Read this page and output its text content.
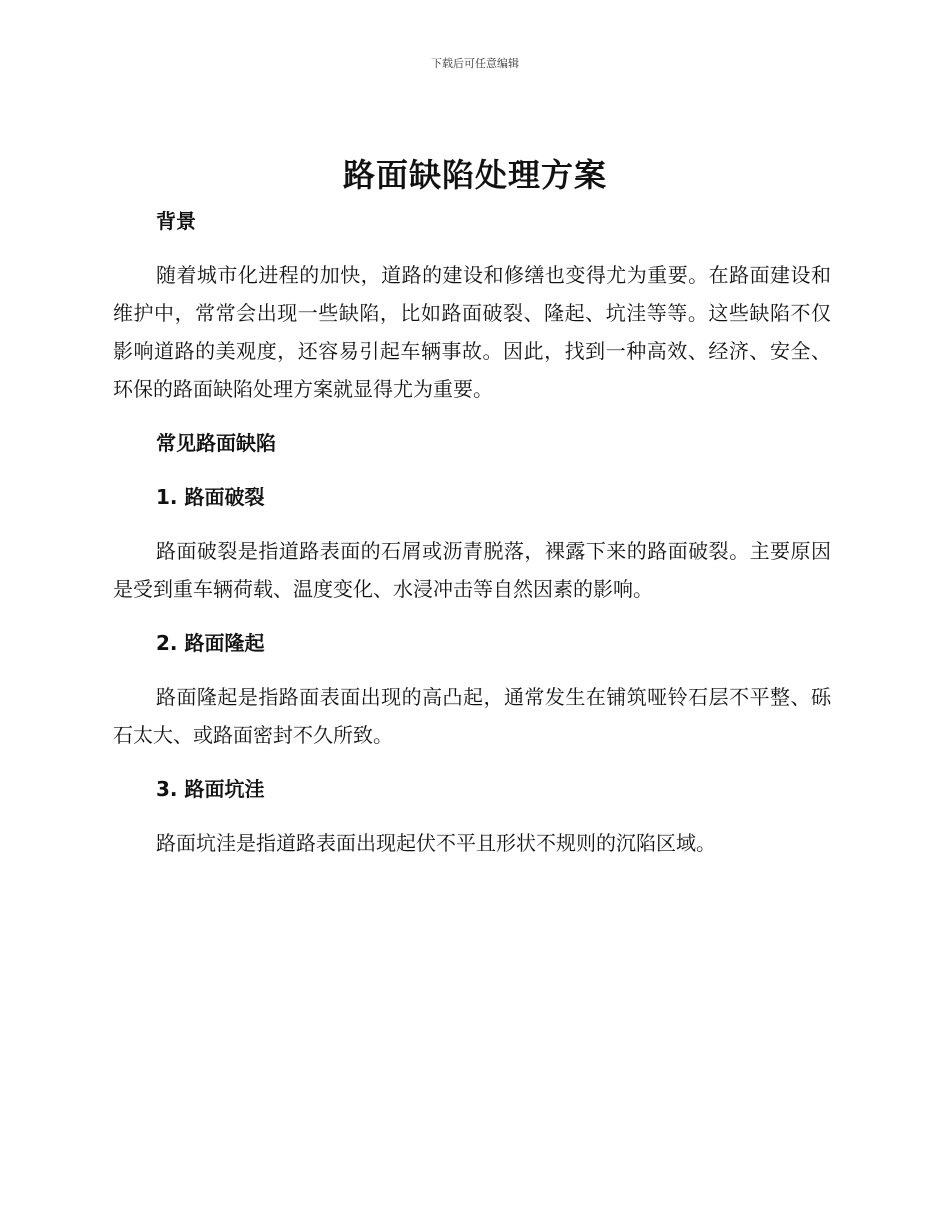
下载后可任意编辑
路面缺陷处理方案
背景

随着城市化进程的加快，道路的建设和修缮也变得尤为重要。在路面建设和维护中，常常会出现一些缺陷，比如路面破裂、隆起、坑洼等等。这些缺陷不仅影响道路的美观度，还容易引起车辆事故。因此，找到一种高效、经济、安全、环保的路面缺陷处理方案就显得尤为重要。

常见路面缺陷
1. 路面破裂

路面破裂是指道路表面的石屑或沥青脱落，裸露下来的路面破裂。主要原因是受到重车辆荷载、温度变化、水浸冲击等自然因素的影响。

2. 路面隆起

路面隆起是指路面表面出现的高凸起，通常发生在铺筑哑铃石层不平整、砾石太大、或路面密封不久所致。

3. 路面坑洼

路面坑洼是指道路表面出现起伏不平且形状不规则的沉陷区域。
